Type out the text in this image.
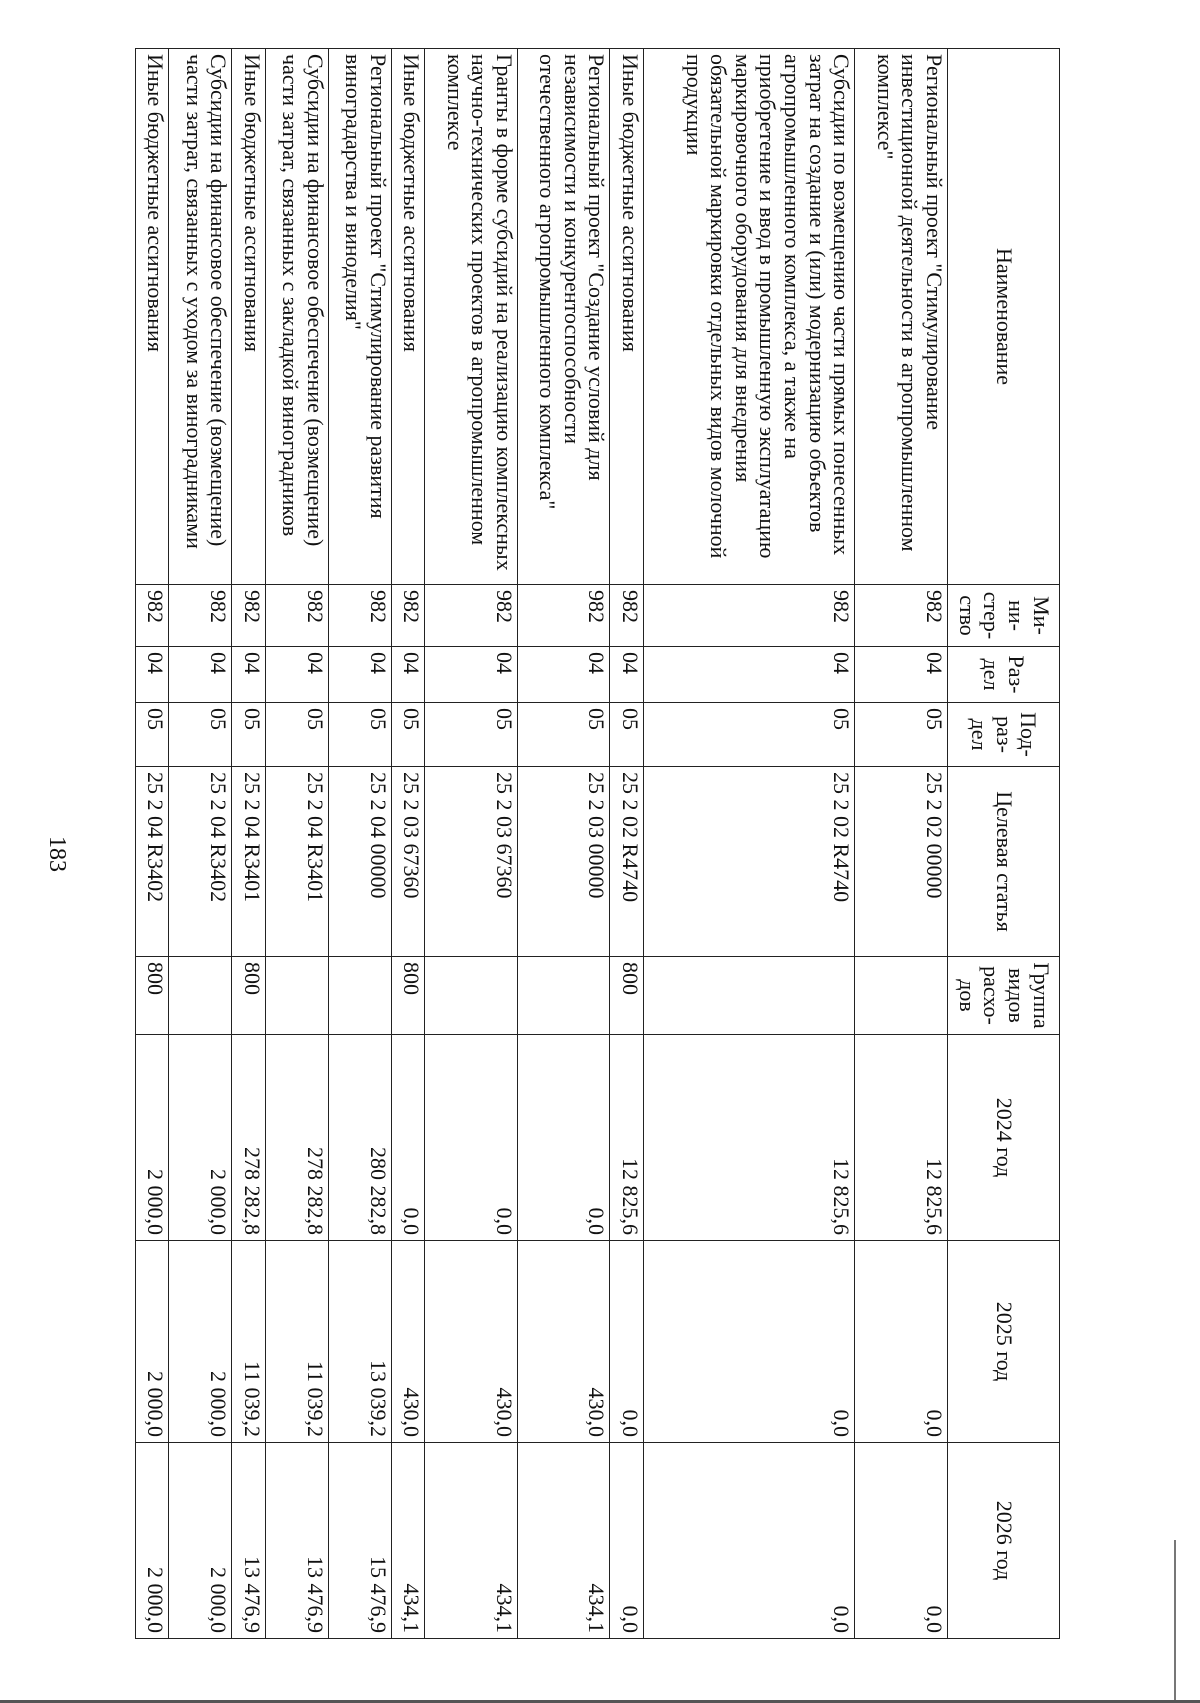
183
Наименование	Ми-ни-стер-ство	Раз-дел	Под-раз-дел	Целевая статья	Группа видов расхо-дов	2024 год	2025 год	2026 год
Региональный проект "Стимулирование инвестиционной деятельности в агропромышленном комплексе"	982	04	05	25 2 02 00000		12 825,6	0,0	0,0
Субсидии по возмещению части прямых понесенных затрат на создание и (или) модернизацию объектов агропромышленного комплекса, а также на приобретение и ввод в промышленную эксплуатацию маркировочного оборудования для внедрения обязательной маркировки отдельных видов молочной продукции	982	04	05	25 2 02 R4740		12 825,6	0,0	0,0
Иные бюджетные ассигнования	982	04	05	25 2 02 R4740	800	12 825,6	0,0	0,0
Региональный проект "Создание условий для независимости и конкурентоспособности отечественного агропромышленного комплекса"	982	04	05	25 2 03 00000		0,0	430,0	434,1
Гранты в форме субсидий на реализацию комплексных научно-технических проектов в агропромышленном комплексе	982	04	05	25 2 03 67360		0,0	430,0	434,1
Иные бюджетные ассигнования	982	04	05	25 2 03 67360	800	0,0	430,0	434,1
Региональный проект "Стимулирование развития виноградарства и виноделия"	982	04	05	25 2 04 00000		280 282,8	13 039,2	15 476,9
Субсидии на финансовое обеспечение (возмещение) части затрат, связанных с закладкой виноградников	982	04	05	25 2 04 R3401		278 282,8	11 039,2	13 476,9
Иные бюджетные ассигнования	982	04	05	25 2 04 R3401	800	278 282,8	11 039,2	13 476,9
Субсидии на финансовое обеспечение (возмещение) части затрат, связанных с уходом за виноградниками	982	04	05	25 2 04 R3402		2 000,0	2 000,0	2 000,0
Иные бюджетные ассигнования	982	04	05	25 2 04 R3402	800	2 000,0	2 000,0	2 000,0
